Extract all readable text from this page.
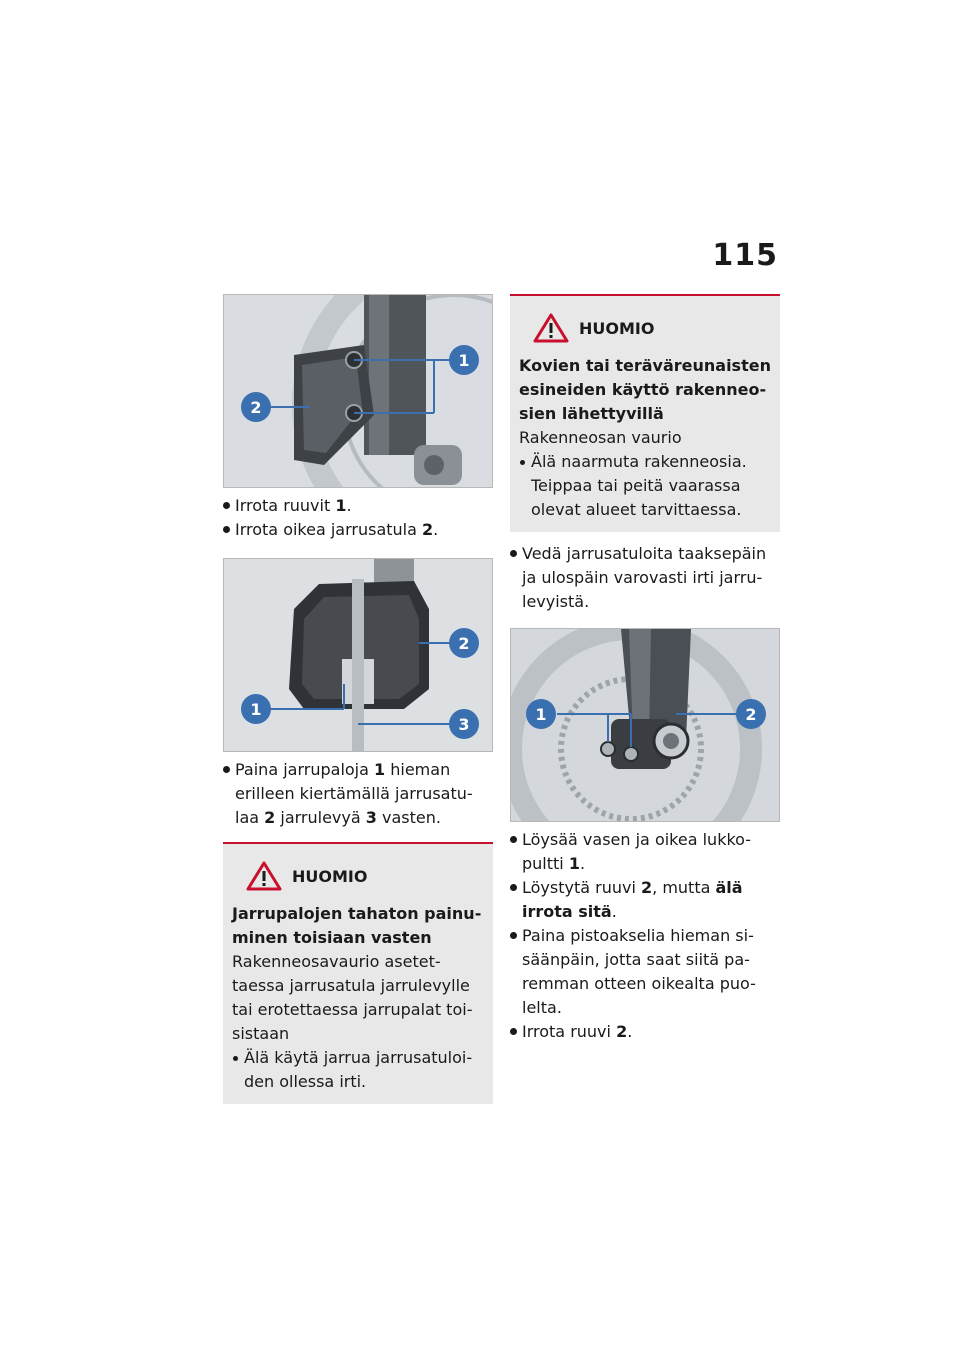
115
1
2
Irrota ruuvit 1.
Irrota oikea jarrusatula 2.
2
1
3
Paina jarrupaloja 1 hieman erilleen kiertämällä jarrusatu-laa 2 jarrulevyä 3 vasten.
HUOMIO
Jarrupalojen tahaton painu-minen toisiaan vasten
Rakenneosavaurio asetet-taessa jarrusatula jarrulevylle tai erotettaessa jarrupalat toi-sistaan
Älä käytä jarrua jarrusatuloi-den ollessa irti.
HUOMIO
Kovien tai teräväreunaisten esineiden käyttö rakenneo-sien lähettyvillä
Rakenneosan vaurio
Älä naarmuta rakenneosia. Teippaa tai peitä vaarassa olevat alueet tarvittaessa.
Vedä jarrusatuloita taaksepäin ja ulospäin varovasti irti jarru-levyistä.
1	2
Löysää vasen ja oikea lukko-pultti 1.
Löystytä ruuvi 2, mutta älä irrota sitä.
Paina pistoakselia hieman si-säänpäin, jotta saat siitä pa-remman otteen oikealta puo-lelta.
Irrota ruuvi 2.
